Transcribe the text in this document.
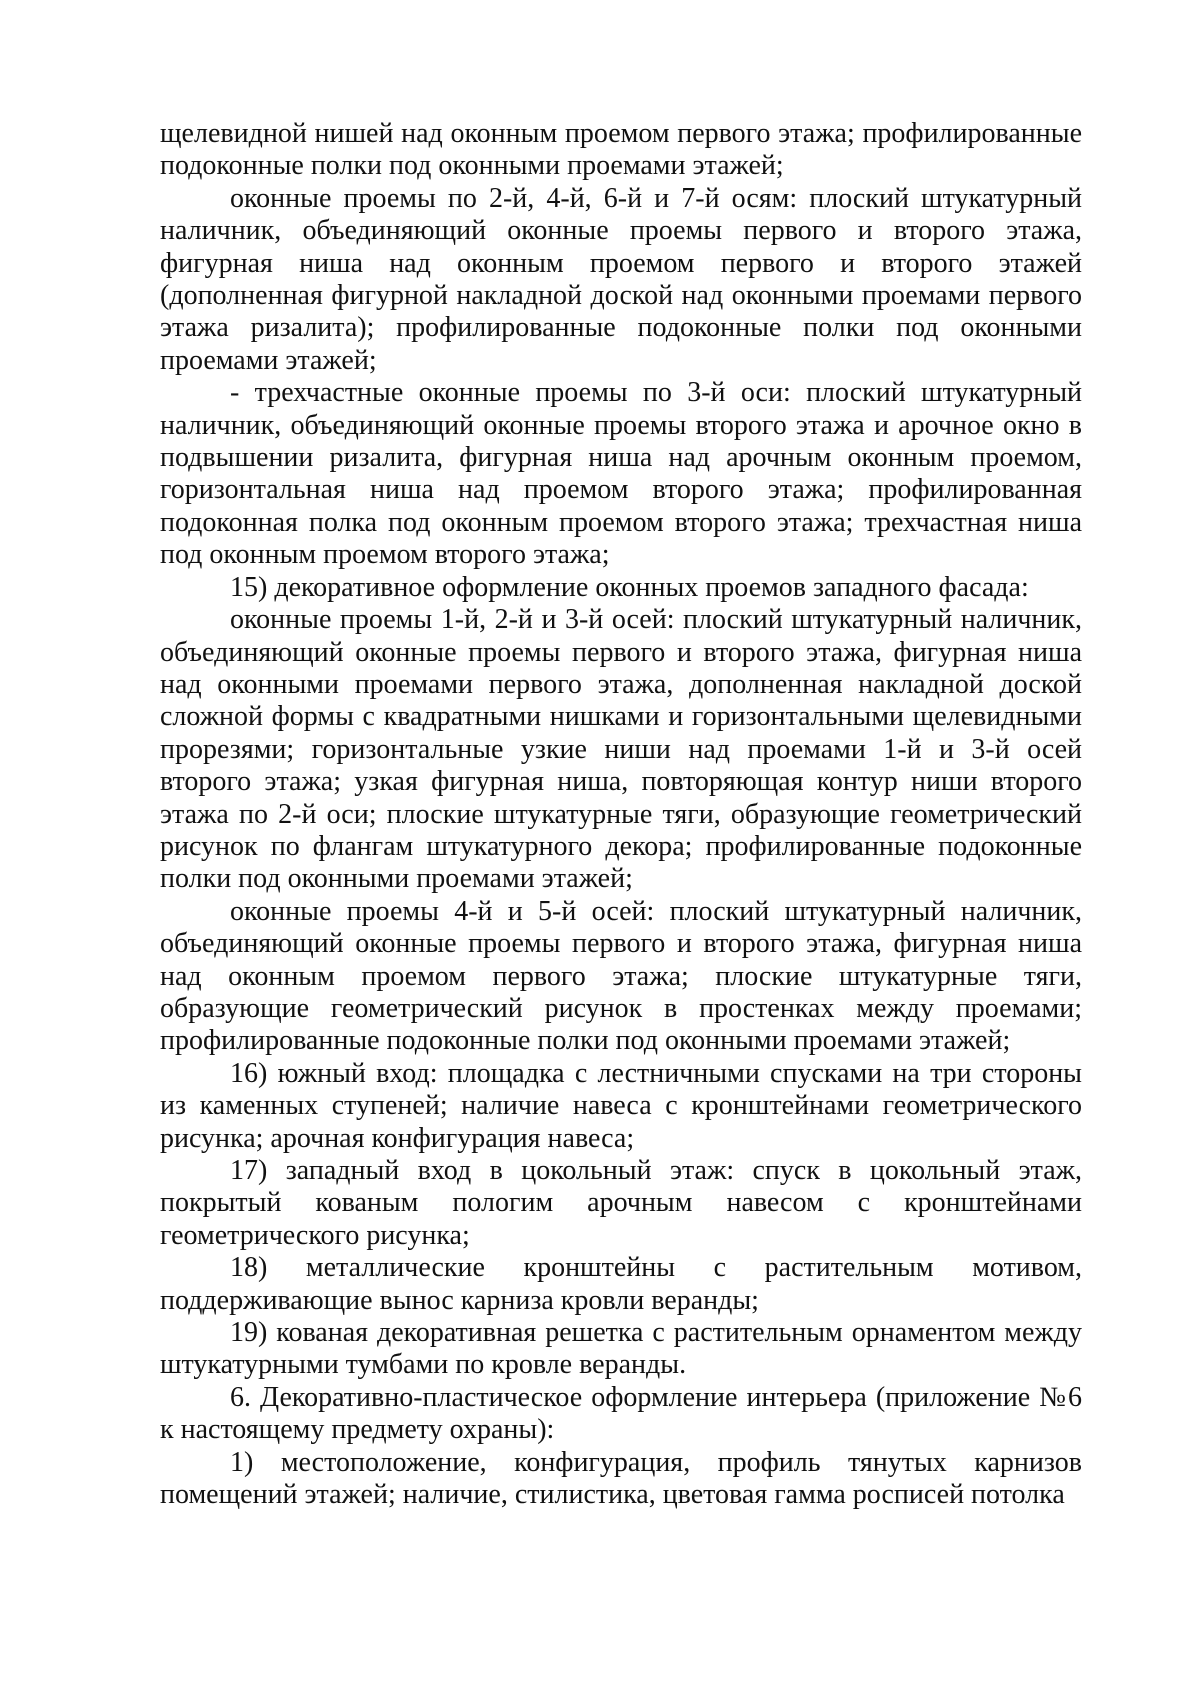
щелевидной нишей над оконным проемом первого этажа; профилированные подоконные полки под оконными проемами этажей;

оконные проемы по 2-й, 4-й, 6-й и 7-й осям: плоский штукатурный наличник, объединяющий оконные проемы первого и второго этажа, фигурная ниша над оконным проемом первого и второго этажей (дополненная фигурной накладной доской над оконными проемами первого этажа ризалита); профилированные подоконные полки под оконными проемами этажей;

- трехчастные оконные проемы по 3-й оси: плоский штукатурный наличник, объединяющий оконные проемы второго этажа и арочное окно в подвышении ризалита, фигурная ниша над арочным оконным проемом, горизонтальная ниша над проемом второго этажа; профилированная подоконная полка под оконным проемом второго этажа; трехчастная ниша под оконным проемом второго этажа;

15) декоративное оформление оконных проемов западного фасада:

оконные проемы 1-й, 2-й и 3-й осей: плоский штукатурный наличник, объединяющий оконные проемы первого и второго этажа, фигурная ниша над оконными проемами первого этажа, дополненная накладной доской сложной формы с квадратными нишками и горизонтальными щелевидными прорезями; горизонтальные узкие ниши над проемами 1-й и 3-й осей второго этажа; узкая фигурная ниша, повторяющая контур ниши второго этажа по 2-й оси; плоские штукатурные тяги, образующие геометрический рисунок по флангам штукатурного декора; профилированные подоконные полки под оконными проемами этажей;

оконные проемы 4-й и 5-й осей: плоский штукатурный наличник, объединяющий оконные проемы первого и второго этажа, фигурная ниша над оконным проемом первого этажа; плоские штукатурные тяги, образующие геометрический рисунок в простенках между проемами; профилированные подоконные полки под оконными проемами этажей;

16) южный вход: площадка с лестничными спусками на три стороны из каменных ступеней; наличие навеса с кронштейнами геометрического рисунка; арочная конфигурация навеса;

17) западный вход в цокольный этаж: спуск в цокольный этаж, покрытый кованым пологим арочным навесом с кронштейнами геометрического рисунка;

18) металлические кронштейны с растительным мотивом, поддерживающие вынос карниза кровли веранды;

19) кованая декоративная решетка с растительным орнаментом между штукатурными тумбами по кровле веранды.

6. Декоративно-пластическое оформление интерьера (приложение №6 к настоящему предмету охраны):

1) местоположение, конфигурация, профиль тянутых карнизов помещений этажей; наличие, стилистика, цветовая гамма росписей потолка
